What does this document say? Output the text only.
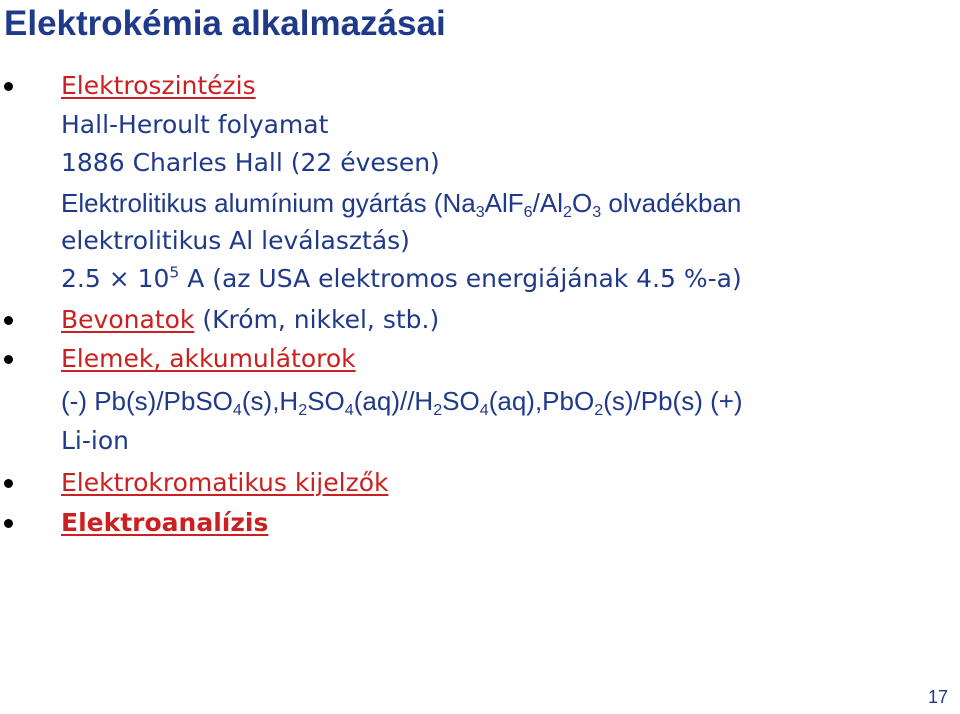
Elektrokémia alkalmazásai
Elektroszintézis
Hall-Heroult folyamat
1886 Charles Hall (22 évesen)
Elektrolitikus alumínium gyártás ($Na_3AlF_6/Al_2O_3$ olvadékban
elektrolitikus Al leválasztás)
$2.5 \times 10^5$ A (az USA elektromos energiájának 4.5 %-a)
Bevonatok (Króm, nikkel, stb.)
Elemek, akkumulátorok
(-) $Pb(s)/PbSO_4(s),H_2SO_4(aq)//H_2SO_4(aq),PbO_2(s)/Pb(s)$ (+)
Li-ion
Elektrokromatikus kijelzők
Elektroanalízis
17
